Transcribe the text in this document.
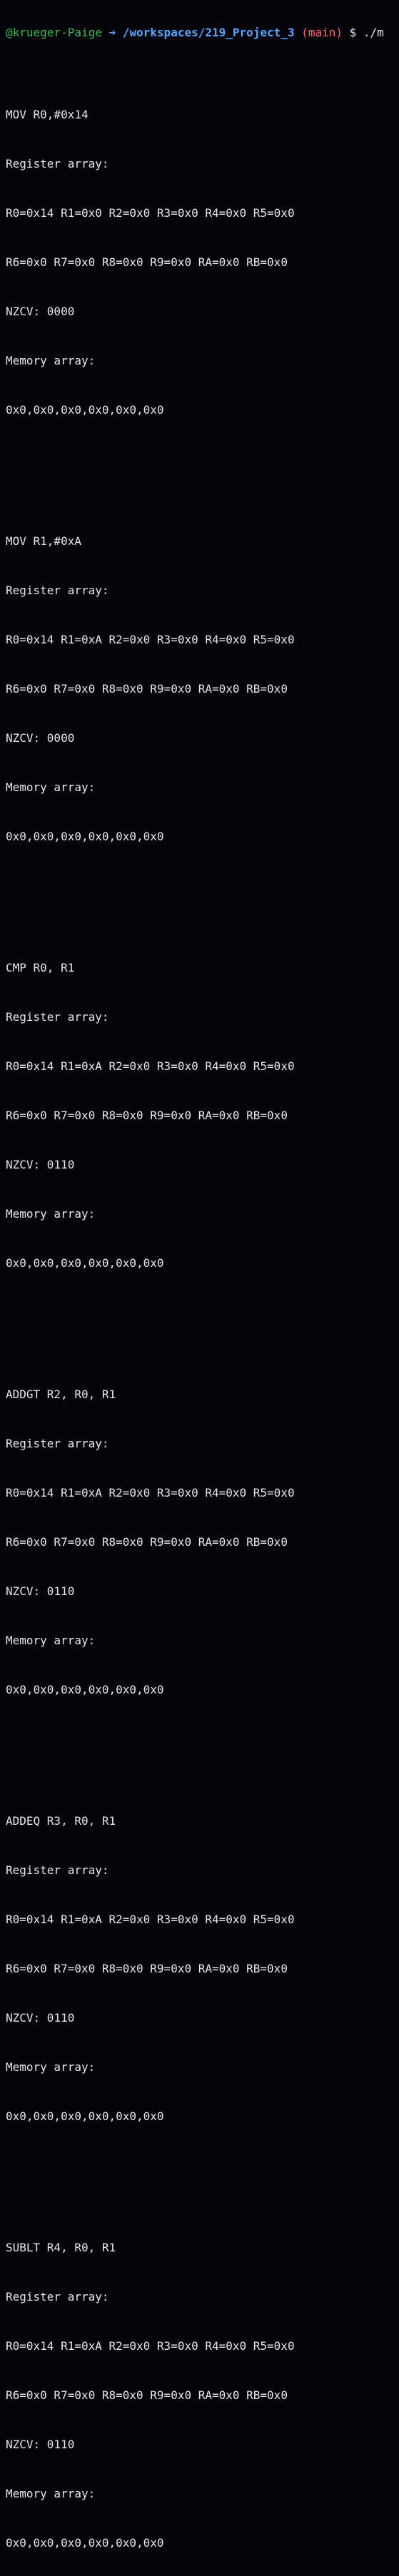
@krueger-Paige ➜ /workspaces/219_Project_3 (main) $ ./m

MOV R0,#0x14

Register array:

R0=0x14 R1=0x0 R2=0x0 R3=0x0 R4=0x0 R5=0x0

R6=0x0 R7=0x0 R8=0x0 R9=0x0 RA=0x0 RB=0x0

NZCV: 0000

Memory array:

0x0,0x0,0x0,0x0,0x0,0x0

MOV R1,#0xA

Register array:

R0=0x14 R1=0xA R2=0x0 R3=0x0 R4=0x0 R5=0x0

R6=0x0 R7=0x0 R8=0x0 R9=0x0 RA=0x0 RB=0x0

NZCV: 0000

Memory array:

0x0,0x0,0x0,0x0,0x0,0x0

CMP R0, R1

Register array:

R0=0x14 R1=0xA R2=0x0 R3=0x0 R4=0x0 R5=0x0

R6=0x0 R7=0x0 R8=0x0 R9=0x0 RA=0x0 RB=0x0

NZCV: 0110

Memory array:

0x0,0x0,0x0,0x0,0x0,0x0

ADDGT R2, R0, R1

Register array:

R0=0x14 R1=0xA R2=0x0 R3=0x0 R4=0x0 R5=0x0

R6=0x0 R7=0x0 R8=0x0 R9=0x0 RA=0x0 RB=0x0

NZCV: 0110

Memory array:

0x0,0x0,0x0,0x0,0x0,0x0

ADDEQ R3, R0, R1

Register array:

R0=0x14 R1=0xA R2=0x0 R3=0x0 R4=0x0 R5=0x0

R6=0x0 R7=0x0 R8=0x0 R9=0x0 RA=0x0 RB=0x0

NZCV: 0110

Memory array:

0x0,0x0,0x0,0x0,0x0,0x0

SUBLT R4, R0, R1

Register array:

R0=0x14 R1=0xA R2=0x0 R3=0x0 R4=0x0 R5=0x0

R6=0x0 R7=0x0 R8=0x0 R9=0x0 RA=0x0 RB=0x0

NZCV: 0110

Memory array:

0x0,0x0,0x0,0x0,0x0,0x0
